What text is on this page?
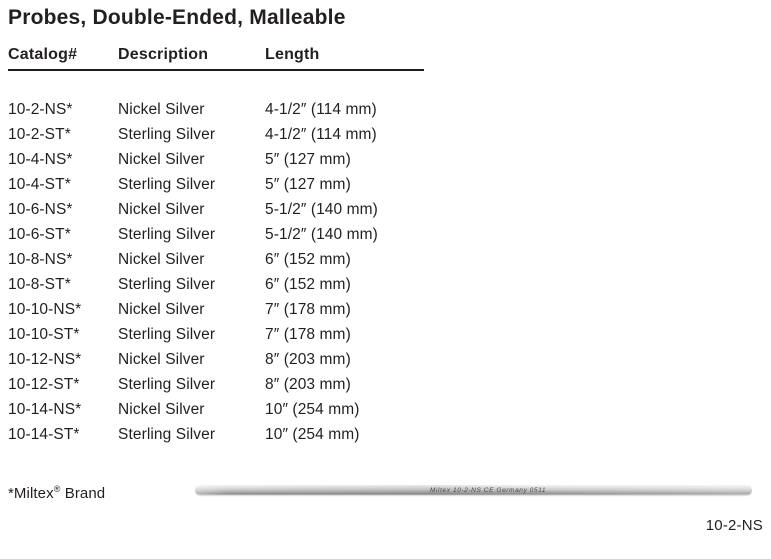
Probes, Double-Ended, Malleable
Catalog#	Description	Length
10-2-NS*	Nickel Silver	4-1/2″ (114 mm)
10-2-ST*	Sterling Silver	4-1/2″ (114 mm)
10-4-NS*	Nickel Silver	5″ (127 mm)
10-4-ST*	Sterling Silver	5″ (127 mm)
10-6-NS*	Nickel Silver	5-1/2″ (140 mm)
10-6-ST*	Sterling Silver	5-1/2″ (140 mm)
10-8-NS*	Nickel Silver	6″ (152 mm)
10-8-ST*	Sterling Silver	6″ (152 mm)
10-10-NS*	Nickel Silver	7″ (178 mm)
10-10-ST*	Sterling Silver	7″ (178 mm)
10-12-NS*	Nickel Silver	8″ (203 mm)
10-12-ST*	Sterling Silver	8″ (203 mm)
10-14-NS*	Nickel Silver	10″ (254 mm)
10-14-ST*	Sterling Silver	10″ (254 mm)
*Miltex® Brand	Miltex 10-2-NS CE Germany 0511
10-2-NS
